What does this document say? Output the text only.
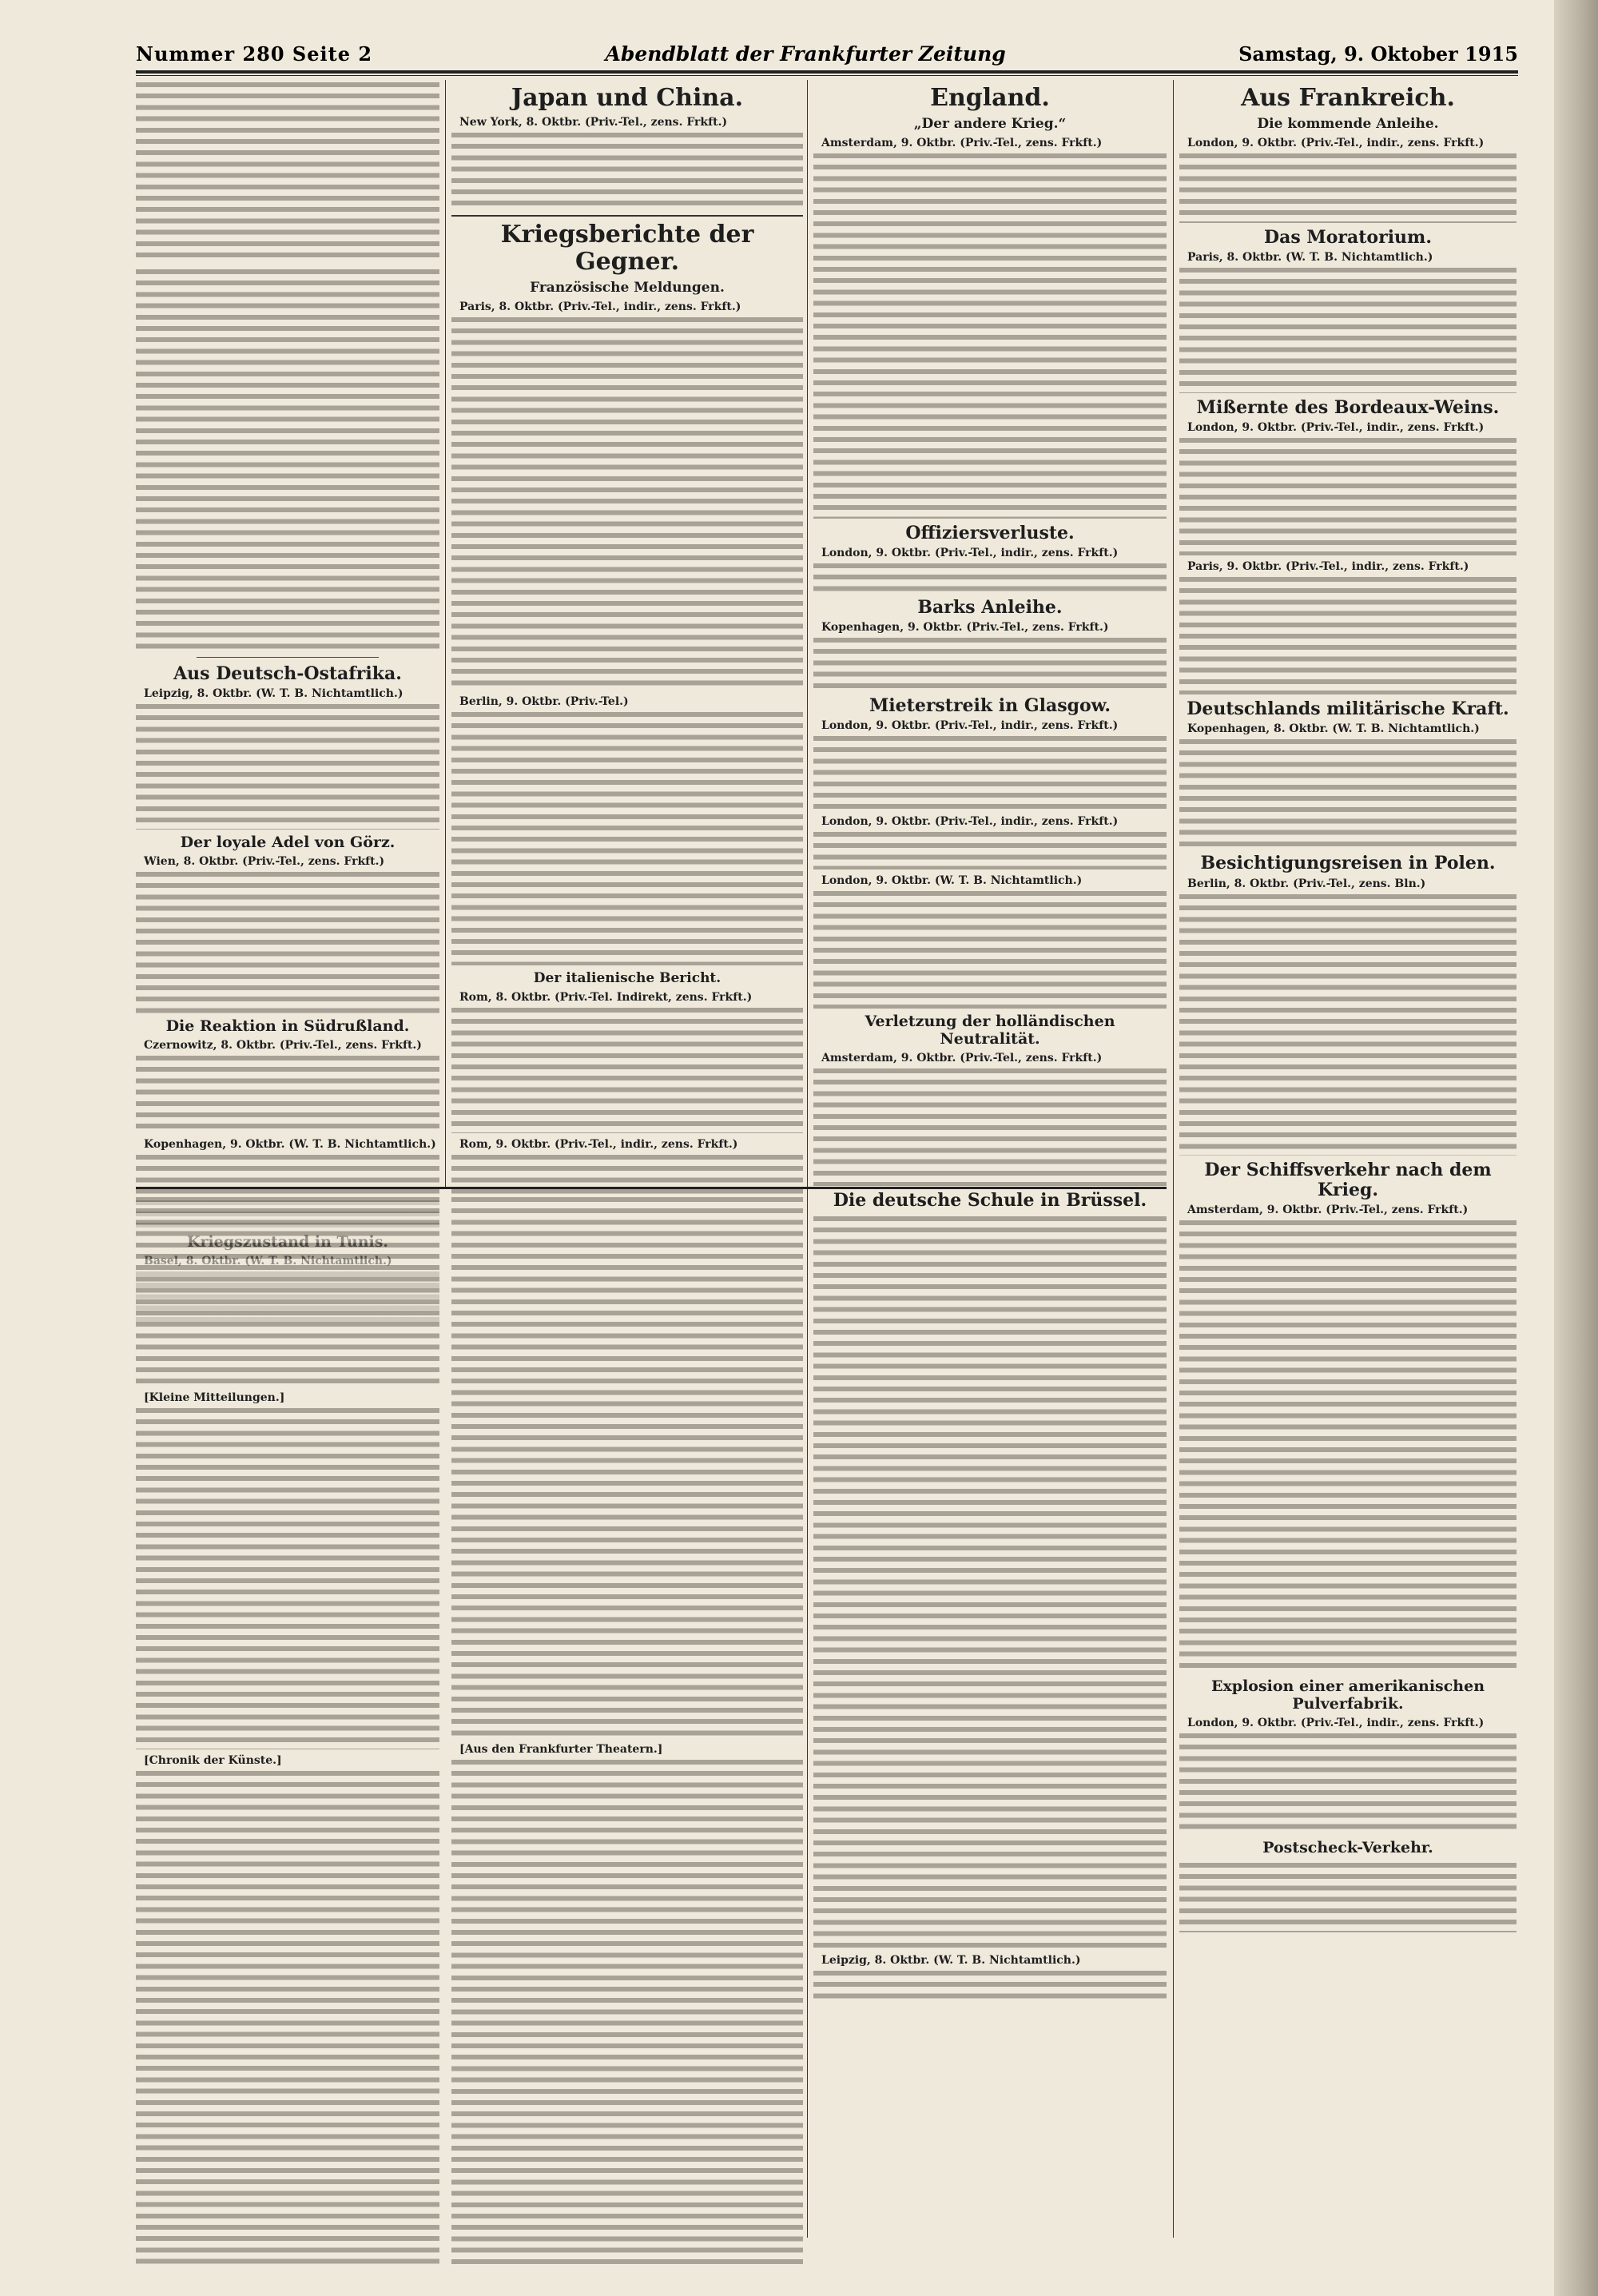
Nummer 280 Seite 2	Abendblatt der Frankfurter Zeitung	Samstag, 9. Oktober 1915
Aus Deutsch-Ostafrika.
Leipzig, 8. Oktbr. (W. T. B. Nichtamtlich.)
Der loyale Adel von Görz.
Wien, 8. Oktbr. (Priv.-Tel., zens. Frkft.)
Die Reaktion in Südrußland.
Czernowitz, 8. Oktbr. (Priv.-Tel., zens. Frkft.)
Kopenhagen, 9. Oktbr. (W. T. B. Nichtamtlich.)
Japan und China.
New York, 8. Oktbr. (Priv.-Tel., zens. Frkft.)
Kriegsberichte der Gegner.
Französische Meldungen.
Paris, 8. Oktbr. (Priv.-Tel., indir., zens. Frkft.)
Berlin, 9. Oktbr. (Priv.-Tel.)
Der italienische Bericht.
Rom, 8. Oktbr. (Priv.-Tel. Indirekt, zens. Frkft.)
Rom, 9. Oktbr. (Priv.-Tel., indir., zens. Frkft.)
[Kleine Mitteilungen.]
[Chronik der Künste.]
[Aus den Frankfurter Theatern.]
England.
„Der andere Krieg.“
Amsterdam, 9. Oktbr. (Priv.-Tel., zens. Frkft.)
Offiziersverluste.
London, 9. Oktbr. (Priv.-Tel., indir., zens. Frkft.)
Barks Anleihe.
Kopenhagen, 9. Oktbr. (Priv.-Tel., zens. Frkft.)
Mieterstreik in Glasgow.
London, 9. Oktbr. (Priv.-Tel., indir., zens. Frkft.)
London, 9. Oktbr. (Priv.-Tel., indir., zens. Frkft.)
London, 9. Oktbr. (W. T. B. Nichtamtlich.)
Verletzung der holländischen Neutralität.
Amsterdam, 9. Oktbr. (Priv.-Tel., zens. Frkft.)
Die deutsche Schule in Brüssel.
Leipzig, 8. Oktbr. (W. T. B. Nichtamtlich.)
Aus Frankreich.
Die kommende Anleihe.
London, 9. Oktbr. (Priv.-Tel., indir., zens. Frkft.)
Das Moratorium.
Paris, 8. Oktbr. (W. T. B. Nichtamtlich.)
Mißernte des Bordeaux-Weins.
London, 9. Oktbr. (Priv.-Tel., indir., zens. Frkft.)
Paris, 9. Oktbr. (Priv.-Tel., indir., zens. Frkft.)
Deutschlands militärische Kraft.
Kopenhagen, 8. Oktbr. (W. T. B. Nichtamtlich.)
Besichtigungsreisen in Polen.
Berlin, 8. Oktbr. (Priv.-Tel., zens. Bln.)
Der Schiffsverkehr nach dem Krieg.
Amsterdam, 9. Oktbr. (Priv.-Tel., zens. Frkft.)
Explosion einer amerikanischen Pulverfabrik.
London, 9. Oktbr. (Priv.-Tel., indir., zens. Frkft.)
Postscheck-Verkehr.
